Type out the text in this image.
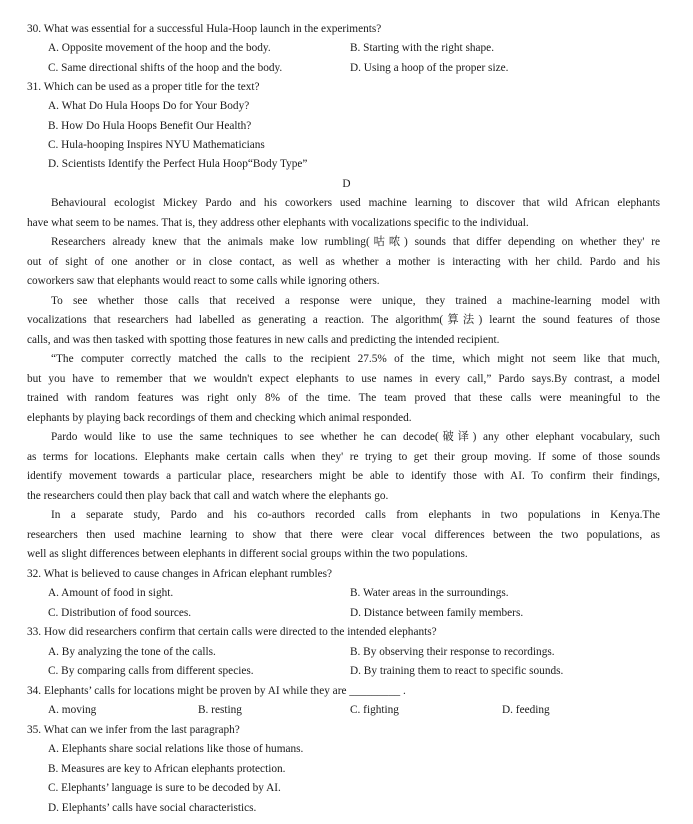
30. What was essential for a successful Hula-Hoop launch in the experiments?
A. Opposite movement of the hoop and the body.	B. Starting with the right shape.
C. Same directional shifts of the hoop and the body.	D. Using a hoop of the proper size.
31. Which can be used as a proper title for the text?
A. What Do Hula Hoops Do for Your Body?
B. How Do Hula Hoops Benefit Our Health?
C. Hula-hooping Inspires NYU Mathematicians
D. Scientists Identify the Perfect Hula Hoop“Body Type”
D
Behavioural ecologist Mickey Pardo and his coworkers used machine learning to discover that wild African elephants
have what seem to be names. That is, they address other elephants with vocalizations specific to the individual.
Researchers already knew that the animals make low rumbling(咕哝) sounds that differ depending on whether they' re
out of sight of one another or in close contact, as well as whether a mother is interacting with her child. Pardo and his
coworkers saw that elephants would react to some calls while ignoring others.
To see whether those calls that received a response were unique, they trained a machine-learning model with
vocalizations that researchers had labelled as generating a reaction. The algorithm(算法) learnt the sound features of those
calls, and was then tasked with spotting those features in new calls and predicting the intended recipient.
“The computer correctly matched the calls to the recipient 27.5% of the time, which might not seem like that much,
but you have to remember that we wouldn't expect elephants to use names in every call,” Pardo says.By contrast, a model
trained with random features was right only 8% of the time. The team proved that these calls were meaningful to the
elephants by playing back recordings of them and checking which animal responded.
Pardo would like to use the same techniques to see whether he can decode(破译) any other elephant vocabulary, such
as terms for locations. Elephants make certain calls when they' re trying to get their group moving. If some of those sounds
identify movement towards a particular place, researchers might be able to identify those with AI. To confirm their findings,
the researchers could then play back that call and watch where the elephants go.
In a separate study, Pardo and his co-authors recorded calls from elephants in two populations in Kenya.The
researchers then used machine learning to show that there were clear vocal differences between the two populations, as
well as slight differences between elephants in different social groups within the two populations.
32. What is believed to cause changes in African elephant rumbles?
A. Amount of food in sight.	B. Water areas in the surroundings.
C. Distribution of food sources.	D. Distance between family members.
33. How did researchers confirm that certain calls were directed to the intended elephants?
A. By analyzing the tone of the calls.	B. By observing their response to recordings.
C. By comparing calls from different species.	D. By training them to react to specific sounds.
34. Elephants’ calls for locations might be proven by AI while they are _________ .
A. moving	B. resting	C. fighting	D. feeding
35. What can we infer from the last paragraph?
A. Elephants share social relations like those of humans.
B. Measures are key to African elephants protection.
C. Elephants’ language is sure to be decoded by AI.
D. Elephants’ calls have social characteristics.
